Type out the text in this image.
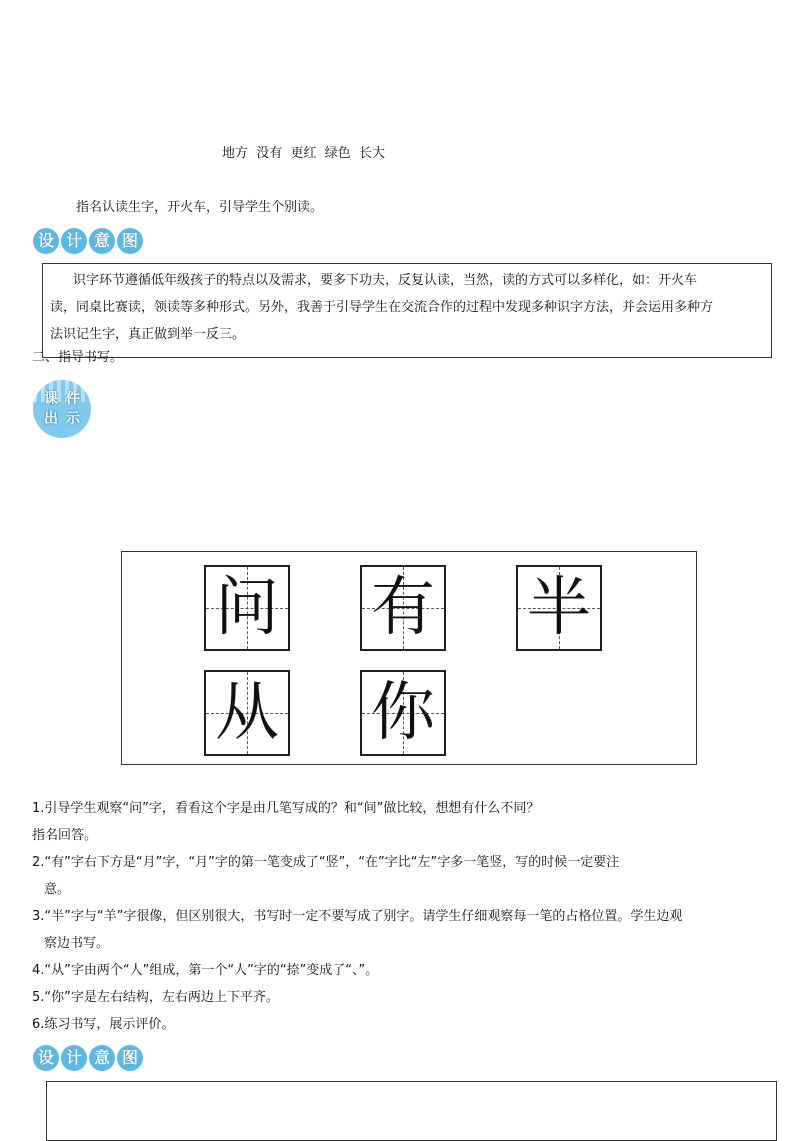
地方  没有  更红  绿色  长大
指名认读生字，开火车，引导学生个别读。
设 计 意 图
识字环节遵循低年级孩子的特点以及需求，要多下功夫，反复认读，当然，读的方式可以多样化，如：开火车
读，同桌比赛读，领读等多种形式。另外，我善于引导学生在交流合作的过程中发现多种识字方法，并会运用多种方
法识记生字，真正做到举一反三。
二、指导书写。
课 件
出 示
问 有 半
从 你
1.引导学生观察“问”字，看看这个字是由几笔写成的？和“间”做比较，想想有什么不同？
指名回答。
2.“有”字右下方是“月”字，“月”字的第一笔变成了“竖”，“在”字比“左”字多一笔竖，写的时候一定要注
意。
3.“半”字与“羊”字很像，但区别很大，书写时一定不要写成了别字。请学生仔细观察每一笔的占格位置。学生边观
察边书写。
4.“从”字由两个“人”组成，第一个“人”字的“捺”变成了“、”。
5.“你”字是左右结构，左右两边上下平齐。
6.练习书写，展示评价。
设 计 意 图
